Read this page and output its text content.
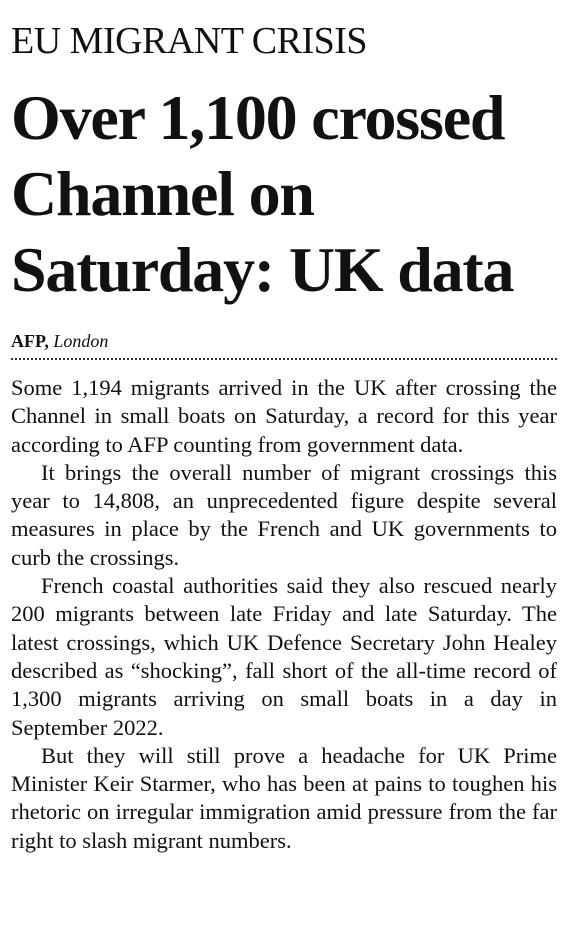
EU MIGRANT CRISIS
Over 1,100 crossed Channel on Saturday: UK data
AFP, London

Some 1,194 migrants arrived in the UK after crossing the Channel in small boats on Saturday, a record for this year according to AFP counting from government data.

It brings the overall number of migrant crossings this year to 14,808, an unprecedented figure despite several measures in place by the French and UK governments to curb the crossings.

French coastal authorities said they also rescued nearly 200 migrants between late Friday and late Saturday. The latest crossings, which UK Defence Secretary John Healey described as “shocking”, fall short of the all-time record of 1,300 migrants arriving on small boats in a day in September 2022.

But they will still prove a headache for UK Prime Minister Keir Starmer, who has been at pains to toughen his rhetoric on irregular immigration amid pressure from the far right to slash migrant numbers.
